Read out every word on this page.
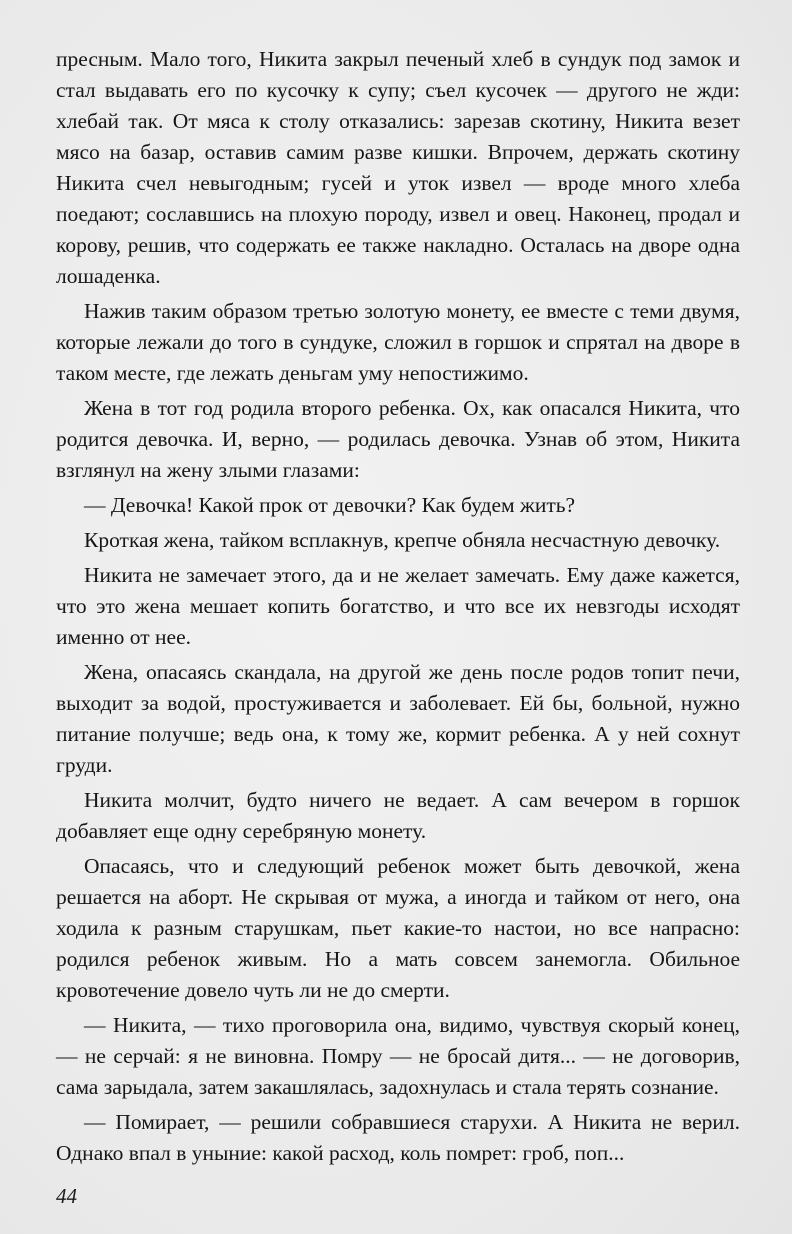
пресным. Мало того, Никита закрыл печеный хлеб в сундук под замок и стал выдавать его по кусочку к супу; съел кусочек — другого не жди: хлебай так. От мяса к столу отказались: зарезав скотину, Никита везет мясо на базар, оставив самим разве кишки. Впрочем, держать скотину Никита счел невыгодным; гусей и уток извел — вроде много хлеба поедают; сославшись на плохую породу, извел и овец. Наконец, продал и корову, решив, что содержать ее также накладно. Осталась на дворе одна лошаденка.

Нажив таким образом третью золотую монету, ее вместе с теми двумя, которые лежали до того в сундуке, сложил в горшок и спрятал на дворе в таком месте, где лежать деньгам уму непостижимо.

Жена в тот год родила второго ребенка. Ох, как опасался Никита, что родится девочка. И, верно, — родилась девочка. Узнав об этом, Никита взглянул на жену злыми глазами:

— Девочка! Какой прок от девочки? Как будем жить?

Кроткая жена, тайком всплакнув, крепче обняла несчастную девочку.

Никита не замечает этого, да и не желает замечать. Ему даже кажется, что это жена мешает копить богатство, и что все их невзгоды исходят именно от нее.

Жена, опасаясь скандала, на другой же день после родов топит печи, выходит за водой, простуживается и заболевает. Ей бы, больной, нужно питание получше; ведь она, к тому же, кормит ребенка. А у ней сохнут груди.

Никита молчит, будто ничего не ведает. А сам вечером в горшок добавляет еще одну серебряную монету.

Опасаясь, что и следующий ребенок может быть девочкой, жена решается на аборт. Не скрывая от мужа, а иногда и тайком от него, она ходила к разным старушкам, пьет какие-то настои, но все напрасно: родился ребенок живым. Но а мать совсем занемогла. Обильное кровотечение довело чуть ли не до смерти.

— Никита, — тихо проговорила она, видимо, чувствуя скорый конец, — не серчай: я не виновна. Помру — не бросай дитя... — не договорив, сама зарыдала, затем закашлялась, задохнулась и стала терять сознание.

— Помирает, — решили собравшиеся старухи. А Никита не верил. Однако впал в уныние: какой расход, коль помрет: гроб, поп...

44
